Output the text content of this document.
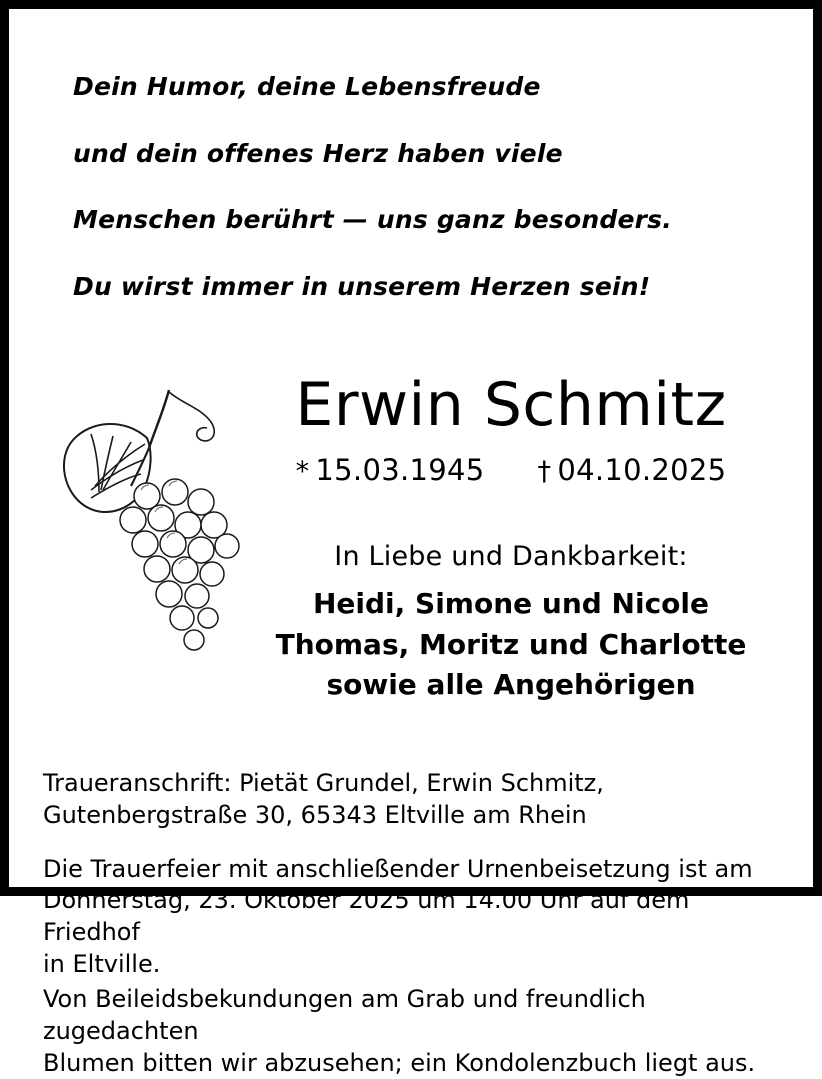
Dein Humor, deine Lebensfreude

und dein offenes Herz haben viele

Menschen berührt — uns ganz besonders.

Du wirst immer in unserem Herzen sein!

Erwin Schmitz
* 15.03.1945 † 04.10.2025
In Liebe und Dankbarkeit:
Heidi, Simone und Nicole
Thomas, Moritz und Charlotte
sowie alle Angehörigen
Traueranschrift: Pietät Grundel, Erwin Schmitz,
Gutenbergstraße 30, 65343 Eltville am Rhein
Die Trauerfeier mit anschließender Urnenbeisetzung ist am
Donnerstag, 23. Oktober 2025 um 14.00 Uhr auf dem Friedhof
in Eltville.
Von Beileidsbekundungen am Grab und freundlich zugedachten
Blumen bitten wir abzusehen; ein Kondolenzbuch liegt aus.
